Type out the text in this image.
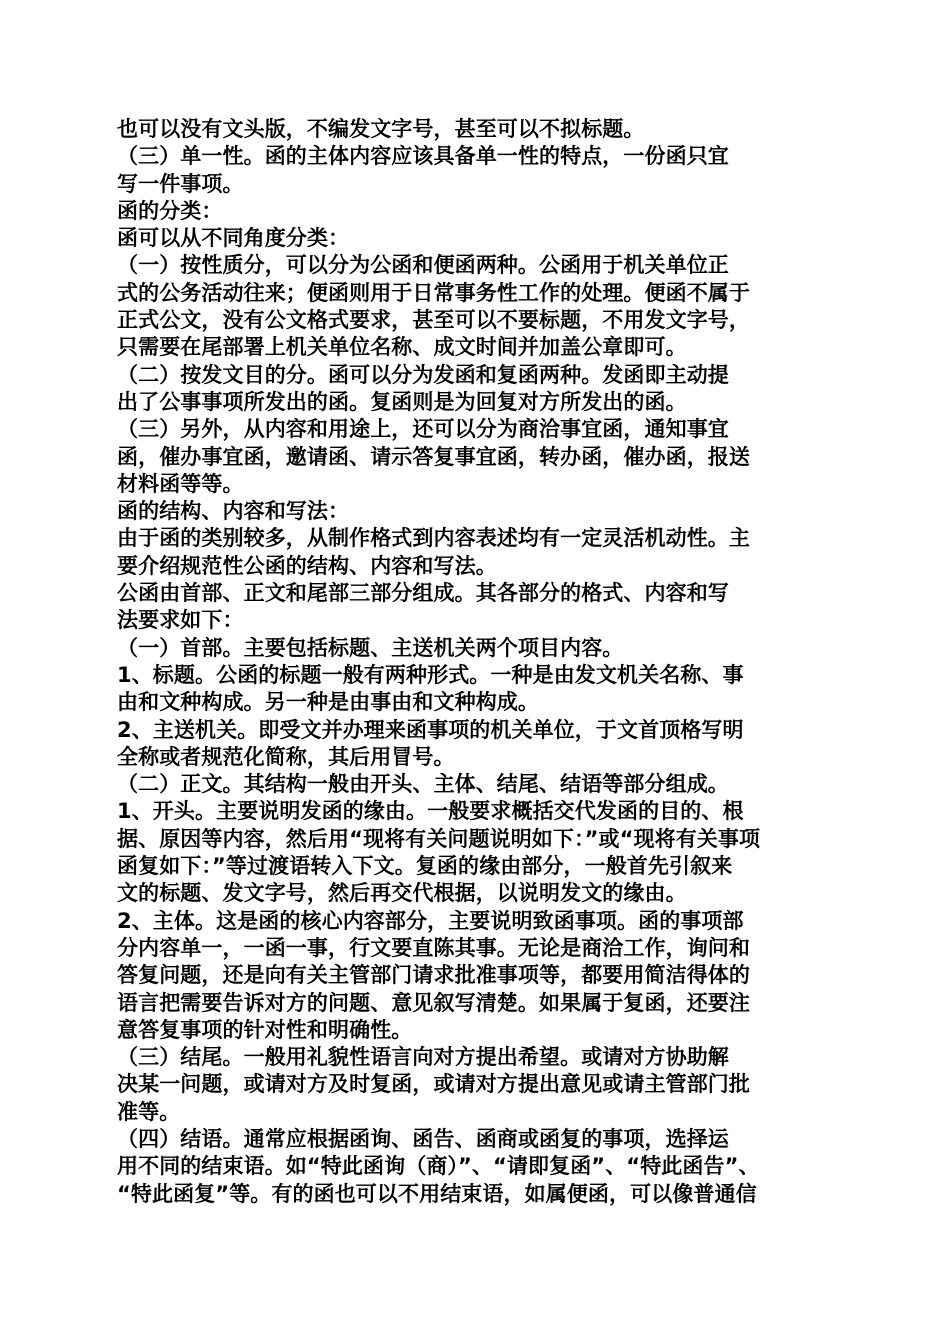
也可以没有文头版，不编发文字号，甚至可以不拟标题。
（三）单一性。函的主体内容应该具备单一性的特点，一份函只宜
写一件事项。
函的分类：
函可以从不同角度分类：
（一）按性质分，可以分为公函和便函两种。公函用于机关单位正
式的公务活动往来；便函则用于日常事务性工作的处理。便函不属于
正式公文，没有公文格式要求，甚至可以不要标题，不用发文字号，
只需要在尾部署上机关单位名称、成文时间并加盖公章即可。
（二）按发文目的分。函可以分为发函和复函两种。发函即主动提
出了公事事项所发出的函。复函则是为回复对方所发出的函。
（三）另外，从内容和用途上，还可以分为商洽事宜函，通知事宜
函，催办事宜函，邀请函、请示答复事宜函，转办函，催办函，报送
材料函等等。
函的结构、内容和写法：
由于函的类别较多，从制作格式到内容表述均有一定灵活机动性。主
要介绍规范性公函的结构、内容和写法。
公函由首部、正文和尾部三部分组成。其各部分的格式、内容和写
法要求如下：
（一）首部。主要包括标题、主送机关两个项目内容。
1、标题。公函的标题一般有两种形式。一种是由发文机关名称、事
由和文种构成。另一种是由事由和文种构成。
2、主送机关。即受文并办理来函事项的机关单位，于文首顶格写明
全称或者规范化简称，其后用冒号。
（二）正文。其结构一般由开头、主体、结尾、结语等部分组成。
1、开头。主要说明发函的缘由。一般要求概括交代发函的目的、根
据、原因等内容，然后用“现将有关问题说明如下：”或“现将有关事项
函复如下：”等过渡语转入下文。复函的缘由部分，一般首先引叙来
文的标题、发文字号，然后再交代根据，以说明发文的缘由。
2、主体。这是函的核心内容部分，主要说明致函事项。函的事项部
分内容单一，一函一事，行文要直陈其事。无论是商洽工作，询问和
答复问题，还是向有关主管部门请求批准事项等，都要用简洁得体的
语言把需要告诉对方的问题、意见叙写清楚。如果属于复函，还要注
意答复事项的针对性和明确性。
（三）结尾。一般用礼貌性语言向对方提出希望。或请对方协助解
决某一问题，或请对方及时复函，或请对方提出意见或请主管部门批
准等。
（四）结语。通常应根据函询、函告、函商或函复的事项，选择运
用不同的结束语。如“特此函询（商）”、“请即复函”、“特此函告”、
“特此函复”等。有的函也可以不用结束语，如属便函，可以像普通信
